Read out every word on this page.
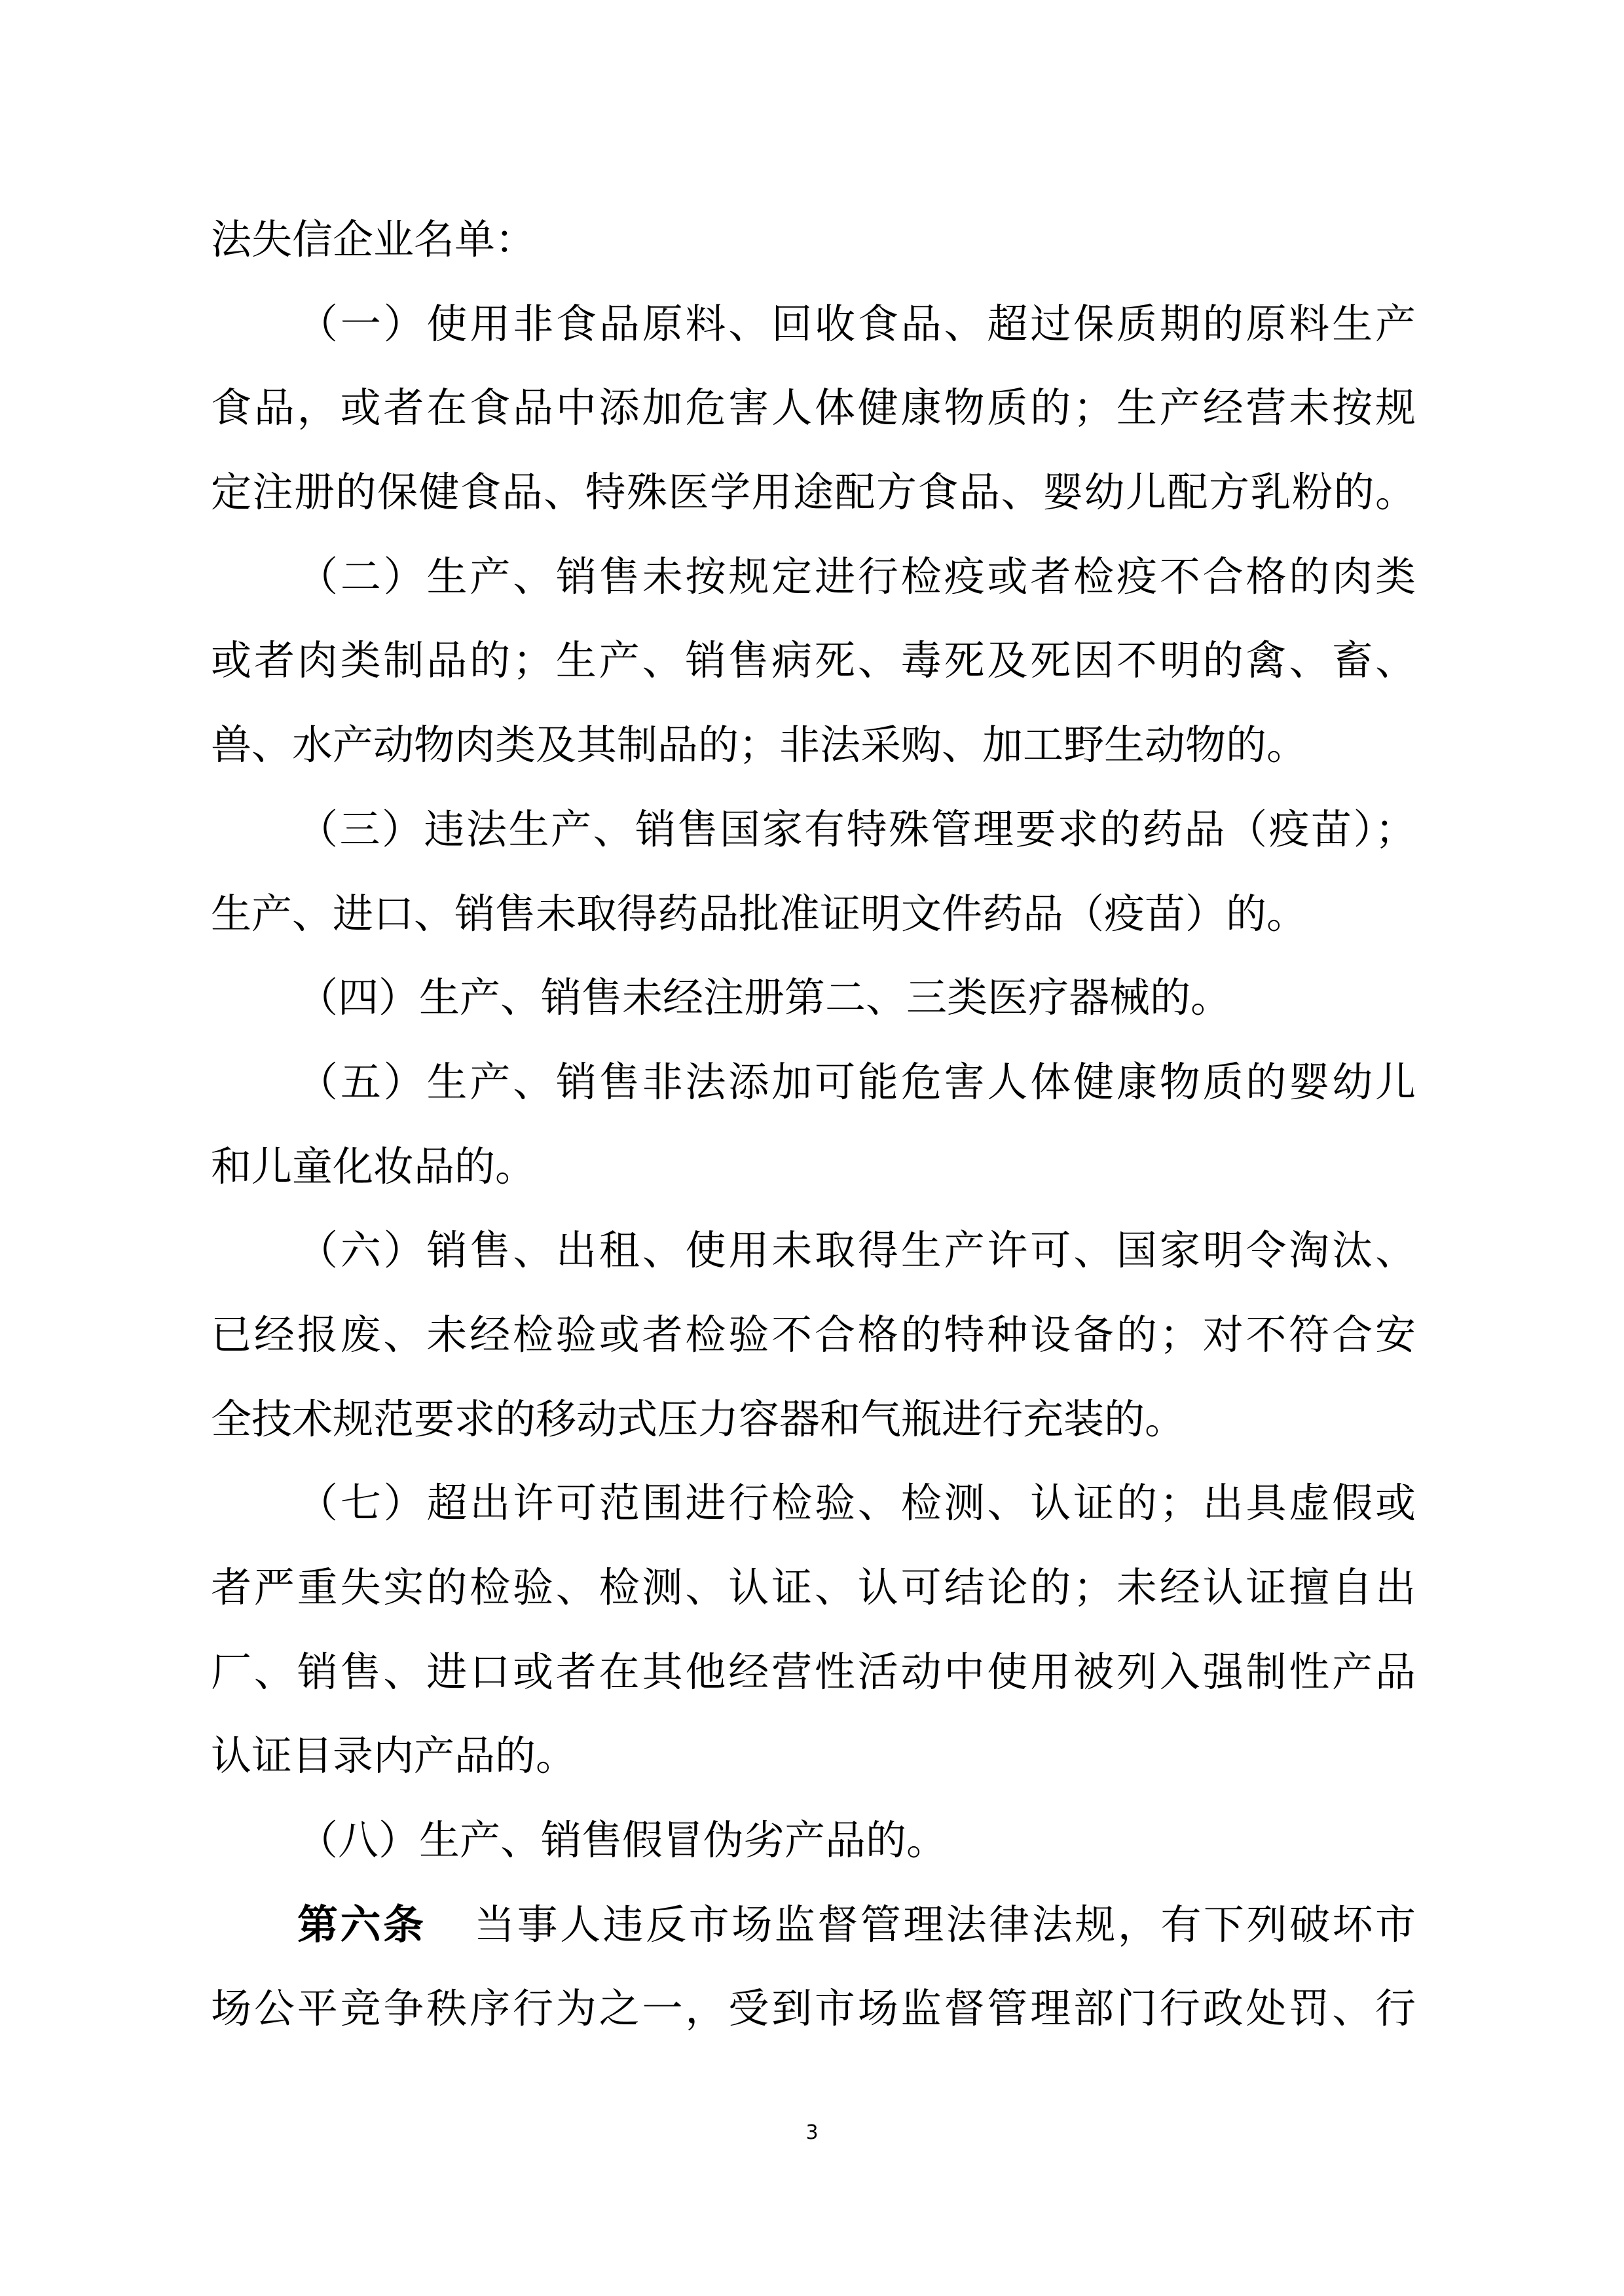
法失信企业名单：
（一）使用非食品原料、回收食品、超过保质期的原料生产
食品，或者在食品中添加危害人体健康物质的；生产经营未按规
定注册的保健食品、特殊医学用途配方食品、婴幼儿配方乳粉的。
（二）生产、销售未按规定进行检疫或者检疫不合格的肉类
或者肉类制品的；生产、销售病死、毒死及死因不明的禽、畜、
兽、水产动物肉类及其制品的；非法采购、加工野生动物的。
（三）违法生产、销售国家有特殊管理要求的药品（疫苗）；
生产、进口、销售未取得药品批准证明文件药品（疫苗）的。
（四）生产、销售未经注册第二、三类医疗器械的。
（五）生产、销售非法添加可能危害人体健康物质的婴幼儿
和儿童化妆品的。
（六）销售、出租、使用未取得生产许可、国家明令淘汰、
已经报废、未经检验或者检验不合格的特种设备的；对不符合安
全技术规范要求的移动式压力容器和气瓶进行充装的。
（七）超出许可范围进行检验、检测、认证的；出具虚假或
者严重失实的检验、检测、认证、认可结论的；未经认证擅自出
厂、销售、进口或者在其他经营性活动中使用被列入强制性产品
认证目录内产品的。
（八）生产、销售假冒伪劣产品的。
第六条 当事人违反市场监督管理法律法规，有下列破坏市
场公平竞争秩序行为之一，受到市场监督管理部门行政处罚、行
3
